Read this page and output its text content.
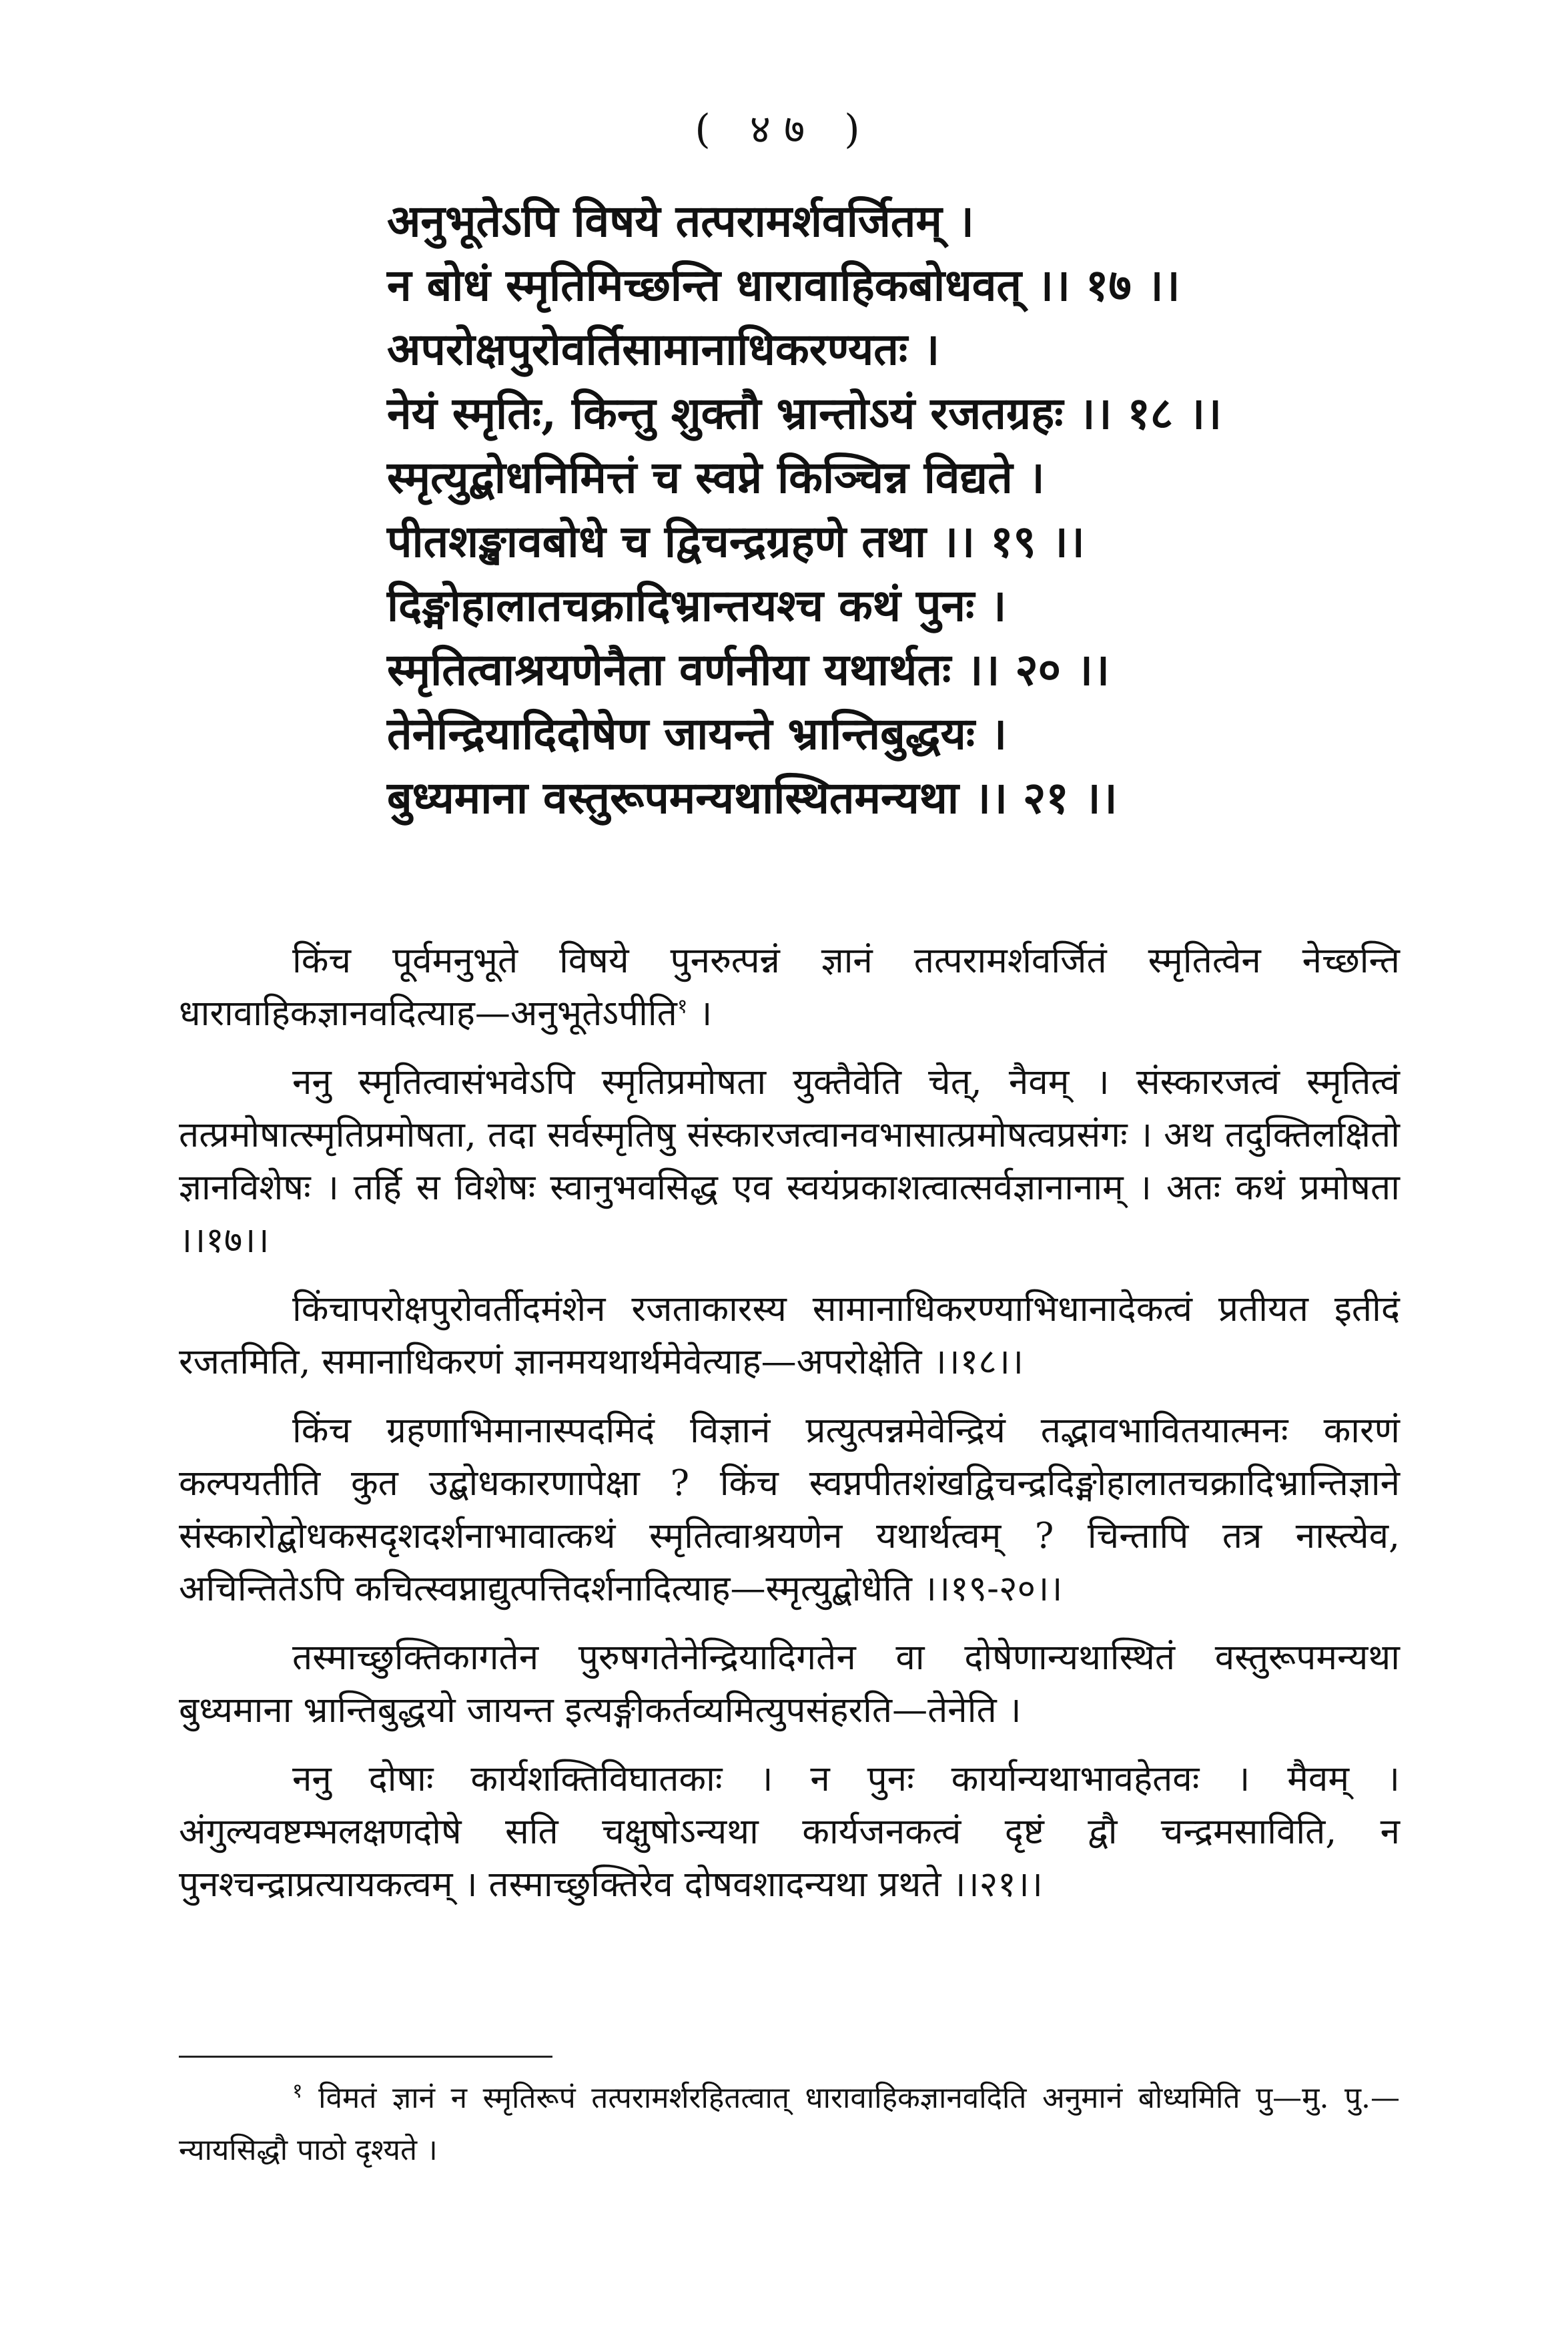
( ४७ )
अनुभूतेऽपि विषये तत्परामर्शवर्जितम् ।
न बोधं स्मृतिमिच्छन्ति धारावाहिकबोधवत् ।। १७ ।।
अपरोक्षपुरोवर्तिसामानाधिकरण्यतः ।
नेयं स्मृतिः, किन्तु शुक्तौ भ्रान्तोऽयं रजतग्रहः ।। १८ ।।
स्मृत्युद्बोधनिमित्तं च स्वप्ने किञ्चिन्न विद्यते ।
पीतशङ्खावबोधे च द्विचन्द्रग्रहणे तथा ।। १९ ।।
दिङ्मोहालातचक्रादिभ्रान्तयश्च कथं पुनः ।
स्मृतित्वाश्रयणेनैता वर्णनीया यथार्थतः ।। २० ।।
तेनेन्द्रियादिदोषेण जायन्ते भ्रान्तिबुद्धयः ।
बुध्यमाना वस्तुरूपमन्यथास्थितमन्यथा ।। २१ ।।

किंच पूर्वमनुभूते विषये पुनरुत्पन्नं ज्ञानं तत्परामर्शवर्जितं स्मृतित्वेन नेच्छन्ति धारावाहिकज्ञानवदित्याह—अनुभूतेऽपीति$^१$ ।

ननु स्मृतित्वासंभवेऽपि स्मृतिप्रमोषता युक्तैवेति चेत्, नैवम् । संस्कारजत्वं स्मृतित्वं तत्प्रमोषात्स्मृतिप्रमोषता, तदा सर्वस्मृतिषु संस्कारजत्वानवभासात्प्रमोषत्वप्रसंगः । अथ तदुक्तिलक्षितो ज्ञानविशेषः । तर्हि स विशेषः स्वानुभवसिद्ध एव स्वयंप्रकाशत्वात्सर्वज्ञानानाम् । अतः कथं प्रमोषता ।।१७।।

किंचापरोक्षपुरोवर्तीदमंशेन रजताकारस्य सामानाधिकरण्याभिधानादेकत्वं प्रतीयत इतीदं रजतमिति, समानाधिकरणं ज्ञानमयथार्थमेवेत्याह—अपरोक्षेति ।।१८।।

किंच ग्रहणाभिमानास्पदमिदं विज्ञानं प्रत्युत्पन्नमेवेन्द्रियं तद्भावभावितयात्मनः कारणं कल्पयतीति कुत उद्बोधकारणापेक्षा ? किंच स्वप्नपीतशंखद्विचन्द्रदिङ्मोहालातचक्रादिभ्रान्तिज्ञाने संस्कारोद्बोधकसदृशदर्शनाभावात्कथं स्मृतित्वाश्रयणेन यथार्थत्वम् ? चिन्तापि तत्र नास्त्येव, अचिन्तितेऽपि कचित्स्वप्नाद्युत्पत्तिदर्शनादित्याह—स्मृत्युद्बोधेति ।।१९-२०।।

तस्माच्छुक्तिकागतेन पुरुषगतेनेन्द्रियादिगतेन वा दोषेणान्यथास्थितं वस्तुरूपमन्यथा बुध्यमाना भ्रान्तिबुद्धयो जायन्त इत्यङ्गीकर्तव्यमित्युपसंहरति—तेनेति ।

ननु दोषाः कार्यशक्तिविघातकाः । न पुनः कार्यान्यथाभावहेतवः । मैवम् । अंगुल्यवष्टम्भलक्षणदोषे सति चक्षुषोऽन्यथा कार्यजनकत्वं दृष्टं द्वौ चन्द्रमसाविति, न पुनश्चन्द्राप्रत्यायकत्वम् । तस्माच्छुक्तिरेव दोषवशादन्यथा प्रथते ।।२१।।

$^१$ विमतं ज्ञानं न स्मृतिरूपं तत्परामर्शरहितत्वात् धारावाहिकज्ञानवदिति अनुमानं बोध्यमिति पु—मु. पु.—न्यायसिद्धौ पाठो दृश्यते ।
